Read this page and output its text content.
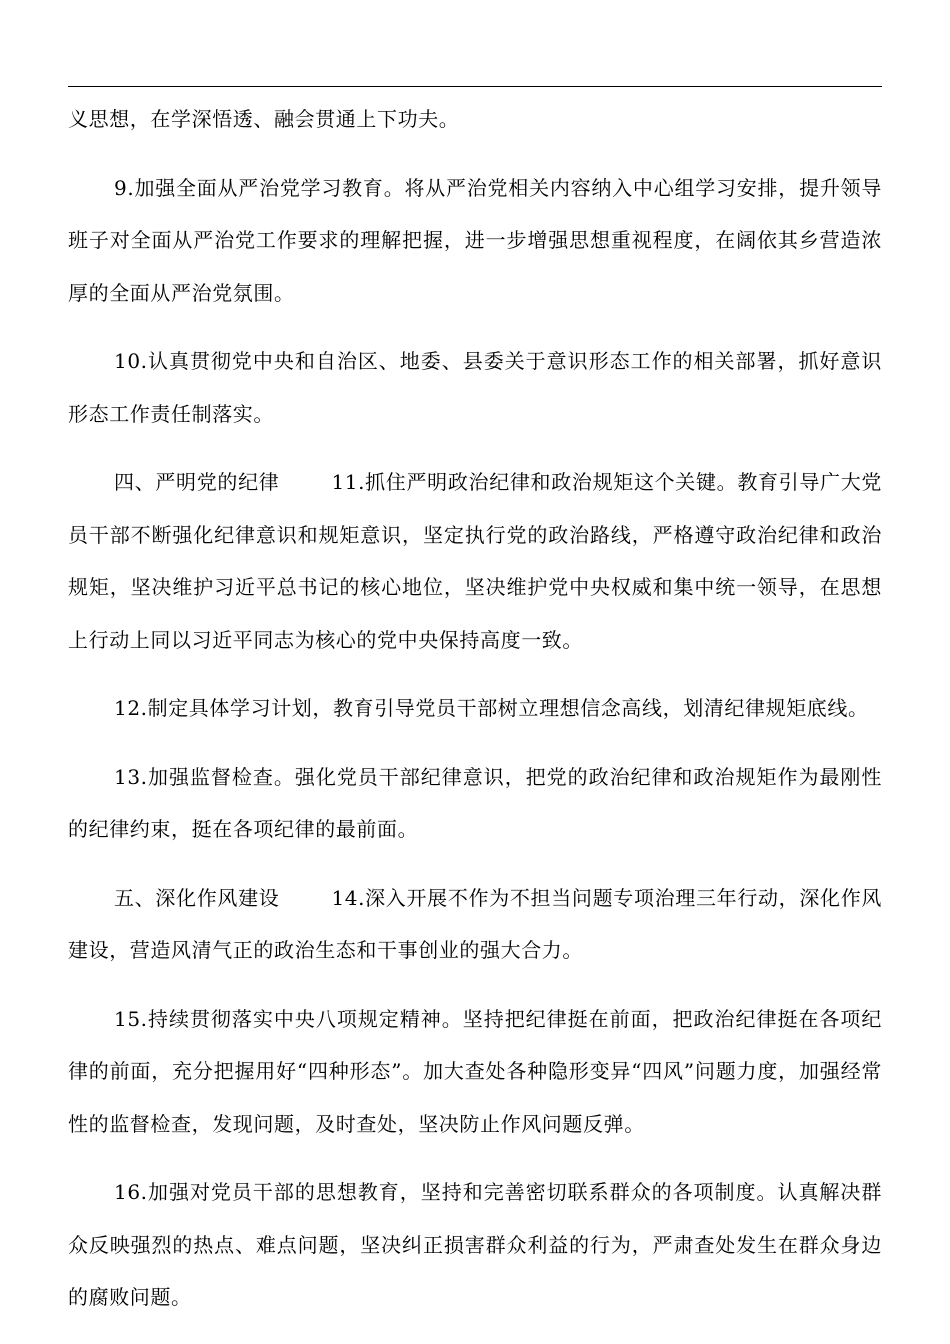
义思想，在学深悟透、融会贯通上下功夫。

9.加强全面从严治党学习教育。将从严治党相关内容纳入中心组学习安排，提升领导班子对全面从严治党工作要求的理解把握，进一步增强思想重视程度，在阔依其乡营造浓厚的全面从严治党氛围。

10.认真贯彻党中央和自治区、地委、县委关于意识形态工作的相关部署，抓好意识形态工作责任制落实。

四、严明党的纪律	11.抓住严明政治纪律和政治规矩这个关键。教育引导广大党员干部不断强化纪律意识和规矩意识，坚定执行党的政治路线，严格遵守政治纪律和政治规矩，坚决维护习近平总书记的核心地位，坚决维护党中央权威和集中统一领导，在思想上行动上同以习近平同志为核心的党中央保持高度一致。

12.制定具体学习计划，教育引导党员干部树立理想信念高线，划清纪律规矩底线。

13.加强监督检查。强化党员干部纪律意识，把党的政治纪律和政治规矩作为最刚性的纪律约束，挺在各项纪律的最前面。

五、深化作风建设	14.深入开展不作为不担当问题专项治理三年行动，深化作风建设，营造风清气正的政治生态和干事创业的强大合力。

15.持续贯彻落实中央八项规定精神。坚持把纪律挺在前面，把政治纪律挺在各项纪律的前面，充分把握用好“四种形态”。加大查处各种隐形变异“四风”问题力度，加强经常性的监督检查，发现问题，及时查处，坚决防止作风问题反弹。

16.加强对党员干部的思想教育，坚持和完善密切联系群众的各项制度。认真解决群众反映强烈的热点、难点问题，坚决纠正损害群众利益的行为，严肃查处发生在群众身边的腐败问题。
